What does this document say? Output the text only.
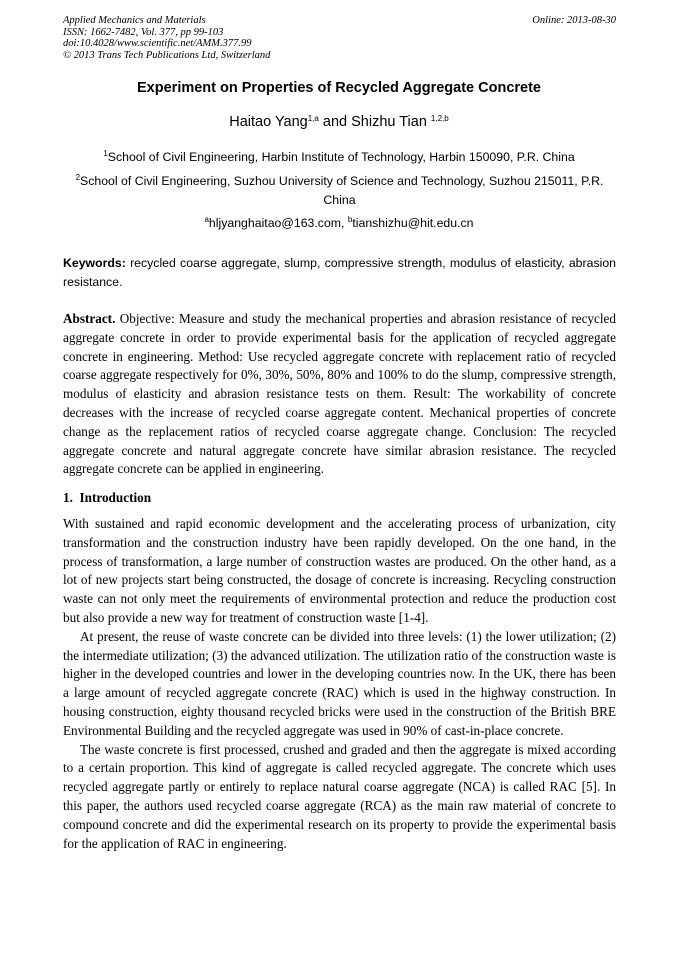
Applied Mechanics and Materials
ISSN: 1662-7482, Vol. 377, pp 99-103
doi:10.4028/www.scientific.net/AMM.377.99
© 2013 Trans Tech Publications Ltd, Switzerland
Online: 2013-08-30
Experiment on Properties of Recycled Aggregate Concrete
Haitao Yang$^{1,a}$ and Shizhu Tian $^{1,2,b}$
$^1$School of Civil Engineering, Harbin Institute of Technology, Harbin 150090, P.R. China
$^2$School of Civil Engineering, Suzhou University of Science and Technology, Suzhou 215011, P.R. China
$^a$hljyanghaitao@163.com, $^b$tianshizhu@hit.edu.cn
Keywords: recycled coarse aggregate, slump, compressive strength, modulus of elasticity, abrasion resistance.
Abstract. Objective: Measure and study the mechanical properties and abrasion resistance of recycled aggregate concrete in order to provide experimental basis for the application of recycled aggregate concrete in engineering. Method: Use recycled aggregate concrete with replacement ratio of recycled coarse aggregate respectively for 0%, 30%, 50%, 80% and 100% to do the slump, compressive strength, modulus of elasticity and abrasion resistance tests on them. Result: The workability of concrete decreases with the increase of recycled coarse aggregate content. Mechanical properties of concrete change as the replacement ratios of recycled coarse aggregate change. Conclusion: The recycled aggregate concrete and natural aggregate concrete have similar abrasion resistance. The recycled aggregate concrete can be applied in engineering.
1.  Introduction
With sustained and rapid economic development and the accelerating process of urbanization, city transformation and the construction industry have been rapidly developed. On the one hand, in the process of transformation, a large number of construction wastes are produced. On the other hand, as a lot of new projects start being constructed, the dosage of concrete is increasing. Recycling construction waste can not only meet the requirements of environmental protection and reduce the production cost but also provide a new way for treatment of construction waste [1-4].
At present, the reuse of waste concrete can be divided into three levels: (1) the lower utilization; (2) the intermediate utilization; (3) the advanced utilization. The utilization ratio of the construction waste is higher in the developed countries and lower in the developing countries now. In the UK, there has been a large amount of recycled aggregate concrete (RAC) which is used in the highway construction. In housing construction, eighty thousand recycled bricks were used in the construction of the British BRE Environmental Building and the recycled aggregate was used in 90% of cast-in-place concrete.
The waste concrete is first processed, crushed and graded and then the aggregate is mixed according to a certain proportion. This kind of aggregate is called recycled aggregate. The concrete which uses recycled aggregate partly or entirely to replace natural coarse aggregate (NCA) is called RAC [5]. In this paper, the authors used recycled coarse aggregate (RCA) as the main raw material of concrete to compound concrete and did the experimental research on its property to provide the experimental basis for the application of RAC in engineering.
